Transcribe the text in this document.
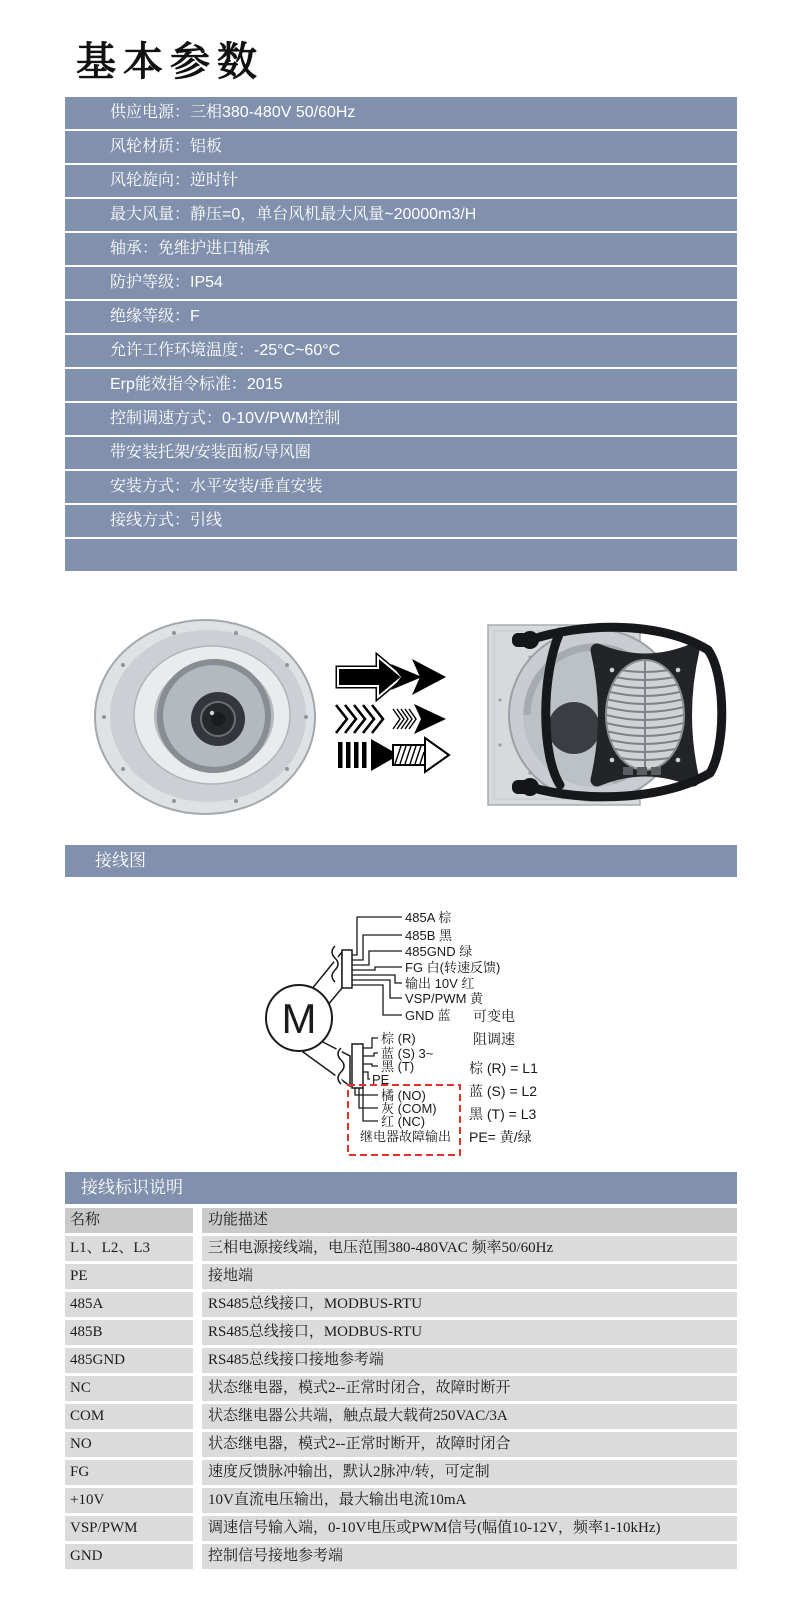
基本参数
供应电源：三相380-480V 50/60Hz
风轮材质：铝板
风轮旋向：逆时针
最大风量：静压=0，单台风机最大风量~20000m3/H
轴承：免维护进口轴承
防护等级：IP54
绝缘等级：F
允许工作环境温度：-25°C~60°C
Erp能效指令标准：2015
控制调速方式：0-10V/PWM控制
带安装托架/安装面板/导风圈
安装方式：水平安装/垂直安装
接线方式：引线
接线图
M
485A 棕
485B 黑
485GND 绿
FG 白(转速反馈)
输出 10V 红
VSP/PWM 黄
GND 蓝
棕 (R)
蓝 (S) 3~
黑 (T)
PE
橘 (NO)
灰 (COM)
红 (NC)
继电器故障输出
可变电
阻调速
棕 (R) = L1
蓝 (S) = L2
黑 (T) = L3
PE= 黄/绿
接线标识说明
名称	功能描述
L1、L2、L3	三相电源接线端，电压范围380-480VAC 频率50/60Hz
PE	接地端
485A	RS485总线接口，MODBUS-RTU
485B	RS485总线接口，MODBUS-RTU
485GND	RS485总线接口接地参考端
NC	状态继电器，模式2--正常时闭合，故障时断开
COM	状态继电器公共端，触点最大载荷250VAC/3A
NO	状态继电器，模式2--正常时断开，故障时闭合
FG	速度反馈脉冲输出，默认2脉冲/转，可定制
+10V	10V直流电压输出，最大输出电流10mA
VSP/PWM	调速信号输入端，0-10V电压或PWM信号(幅值10-12V，频率1-10kHz)
GND	控制信号接地参考端
